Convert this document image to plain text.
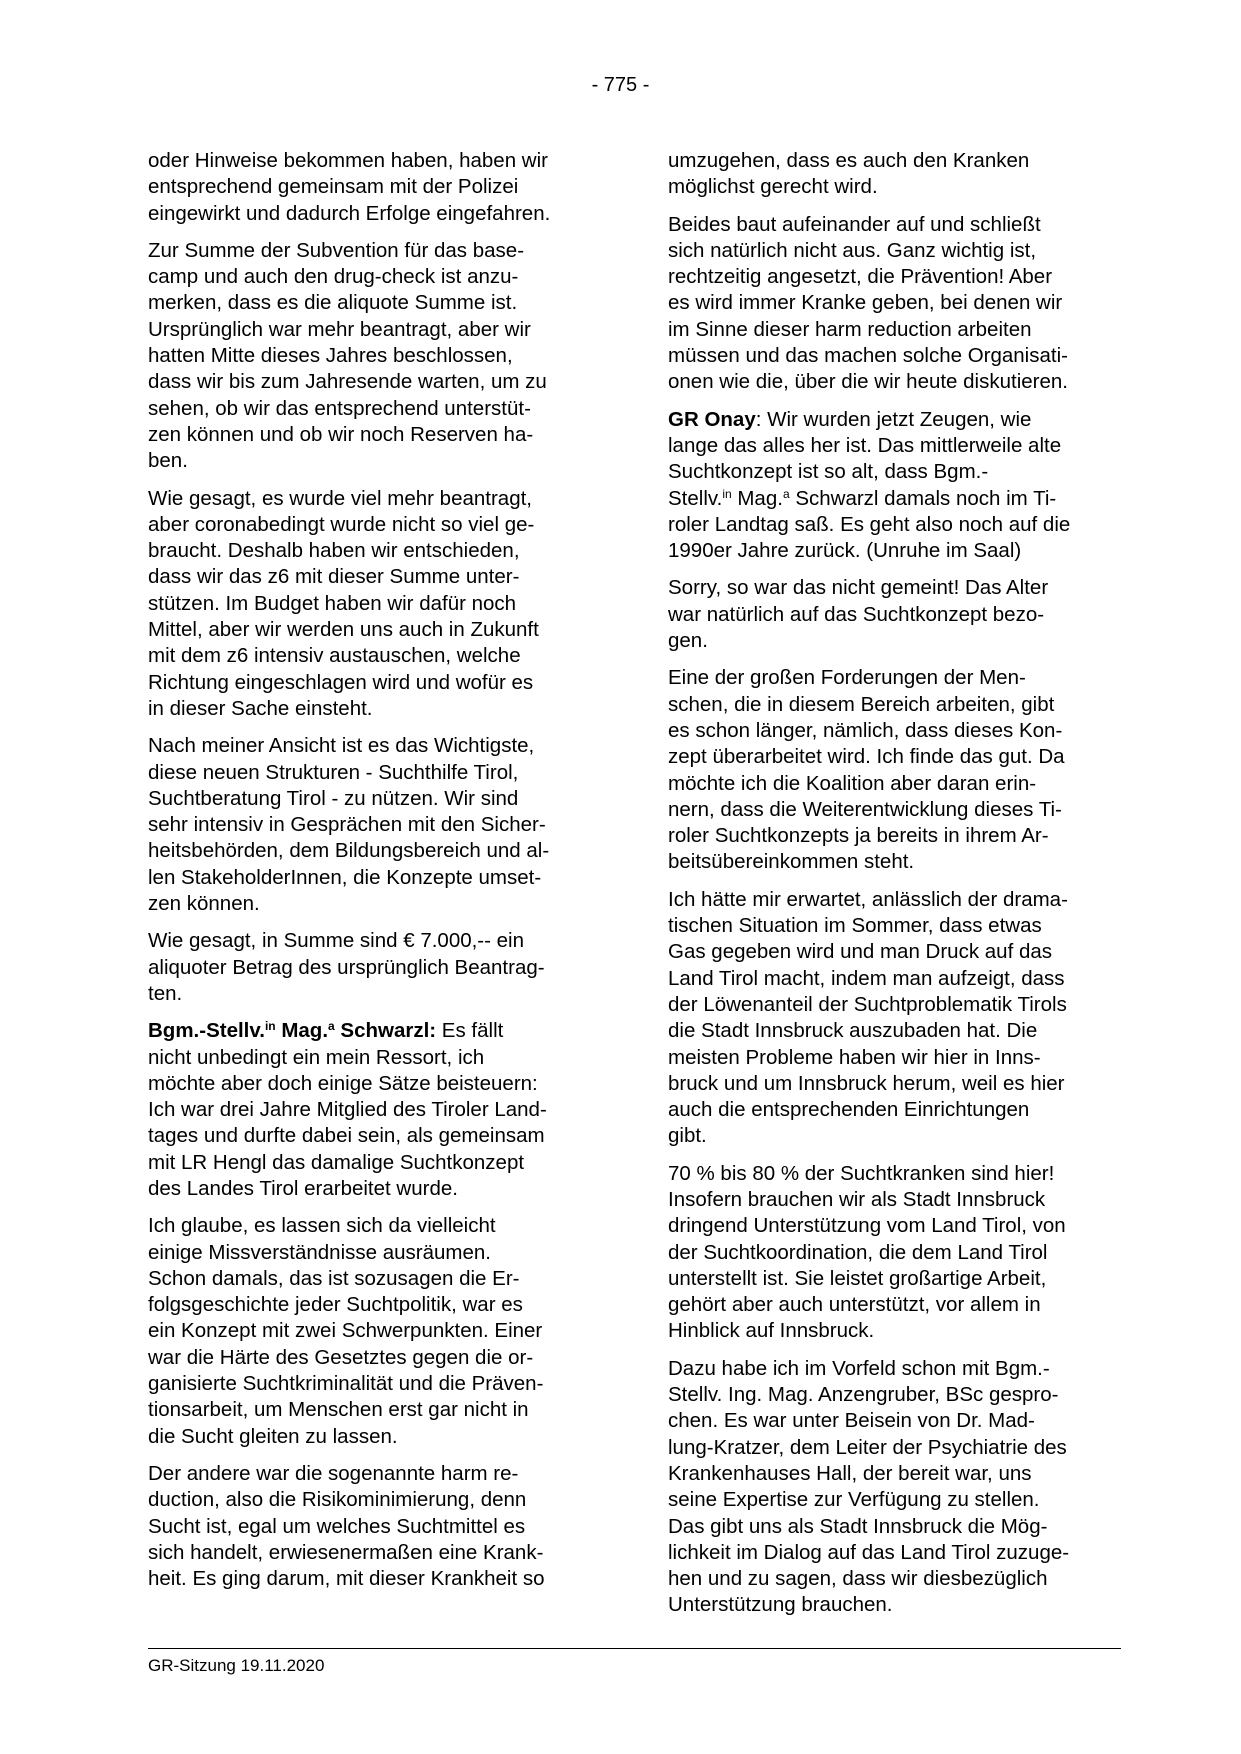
- 775 -

oder Hinweise bekommen haben, haben wir
entsprechend gemeinsam mit der Polizei
eingewirkt und dadurch Erfolge eingefahren.

Zur Summe der Subvention für das base-
camp und auch den drug-check ist anzu-
merken, dass es die aliquote Summe ist.
Ursprünglich war mehr beantragt, aber wir
hatten Mitte dieses Jahres beschlossen,
dass wir bis zum Jahresende warten, um zu
sehen, ob wir das entsprechend unterstüt-
zen können und ob wir noch Reserven ha-
ben.

Wie gesagt, es wurde viel mehr beantragt,
aber coronabedingt wurde nicht so viel ge-
braucht. Deshalb haben wir entschieden,
dass wir das z6 mit dieser Summe unter-
stützen. Im Budget haben wir dafür noch
Mittel, aber wir werden uns auch in Zukunft
mit dem z6 intensiv austauschen, welche
Richtung eingeschlagen wird und wofür es
in dieser Sache einsteht.

Nach meiner Ansicht ist es das Wichtigste,
diese neuen Strukturen - Suchthilfe Tirol,
Suchtberatung Tirol - zu nützen. Wir sind
sehr intensiv in Gesprächen mit den Sicher-
heitsbehörden, dem Bildungsbereich und al-
len StakeholderInnen, die Konzepte umset-
zen können.

Wie gesagt, in Summe sind € 7.000,-- ein
aliquoter Betrag des ursprünglich Beantrag-
ten.

Bgm.-Stellv.$^{in}$ Mag.$^a$ Schwarzl: Es fällt
nicht unbedingt ein mein Ressort, ich
möchte aber doch einige Sätze beisteuern:
Ich war drei Jahre Mitglied des Tiroler Land-
tages und durfte dabei sein, als gemeinsam
mit LR Hengl das damalige Suchtkonzept
des Landes Tirol erarbeitet wurde.

Ich glaube, es lassen sich da vielleicht
einige Missverständnisse ausräumen.
Schon damals, das ist sozusagen die Er-
folgsgeschichte jeder Suchtpolitik, war es
ein Konzept mit zwei Schwerpunkten. Einer
war die Härte des Gesetztes gegen die or-
ganisierte Suchtkriminalität und die Präven-
tionsarbeit, um Menschen erst gar nicht in
die Sucht gleiten zu lassen.

Der andere war die sogenannte harm re-
duction, also die Risikominimierung, denn
Sucht ist, egal um welches Suchtmittel es
sich handelt, erwiesenermaßen eine Krank-
heit. Es ging darum, mit dieser Krankheit so

umzugehen, dass es auch den Kranken
möglichst gerecht wird.

Beides baut aufeinander auf und schließt
sich natürlich nicht aus. Ganz wichtig ist,
rechtzeitig angesetzt, die Prävention! Aber
es wird immer Kranke geben, bei denen wir
im Sinne dieser harm reduction arbeiten
müssen und das machen solche Organisati-
onen wie die, über die wir heute diskutieren.

GR Onay: Wir wurden jetzt Zeugen, wie
lange das alles her ist. Das mittlerweile alte
Suchtkonzept ist so alt, dass Bgm.-
Stellv.$^{in}$ Mag.$^a$ Schwarzl damals noch im Ti-
roler Landtag saß. Es geht also noch auf die
1990er Jahre zurück. (Unruhe im Saal)

Sorry, so war das nicht gemeint! Das Alter
war natürlich auf das Suchtkonzept bezo-
gen.

Eine der großen Forderungen der Men-
schen, die in diesem Bereich arbeiten, gibt
es schon länger, nämlich, dass dieses Kon-
zept überarbeitet wird. Ich finde das gut. Da
möchte ich die Koalition aber daran erin-
nern, dass die Weiterentwicklung dieses Ti-
roler Suchtkonzepts ja bereits in ihrem Ar-
beitsübereinkommen steht.

Ich hätte mir erwartet, anlässlich der drama-
tischen Situation im Sommer, dass etwas
Gas gegeben wird und man Druck auf das
Land Tirol macht, indem man aufzeigt, dass
der Löwenanteil der Suchtproblematik Tirols
die Stadt Innsbruck auszubaden hat. Die
meisten Probleme haben wir hier in Inns-
bruck und um Innsbruck herum, weil es hier
auch die entsprechenden Einrichtungen
gibt.

70 % bis 80 % der Suchtkranken sind hier!
Insofern brauchen wir als Stadt Innsbruck
dringend Unterstützung vom Land Tirol, von
der Suchtkoordination, die dem Land Tirol
unterstellt ist. Sie leistet großartige Arbeit,
gehört aber auch unterstützt, vor allem in
Hinblick auf Innsbruck.

Dazu habe ich im Vorfeld schon mit Bgm.-
Stellv. Ing. Mag. Anzengruber, BSc gespro-
chen. Es war unter Beisein von Dr. Mad-
lung-Kratzer, dem Leiter der Psychiatrie des
Krankenhauses Hall, der bereit war, uns
seine Expertise zur Verfügung zu stellen.
Das gibt uns als Stadt Innsbruck die Mög-
lichkeit im Dialog auf das Land Tirol zuzuge-
hen und zu sagen, dass wir diesbezüglich
Unterstützung brauchen.

GR-Sitzung 19.11.2020
